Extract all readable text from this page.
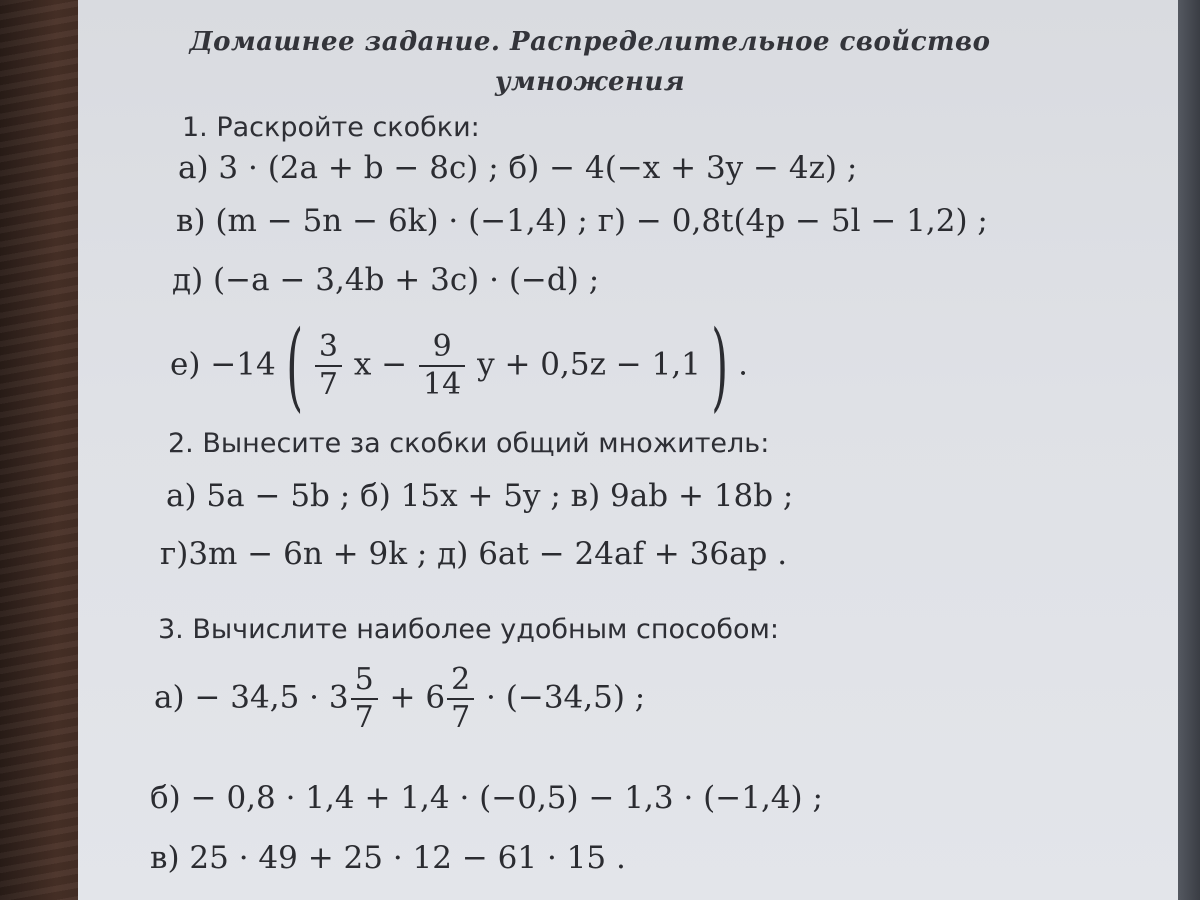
Домашнее задание. Распределительное свойство
умножения
1. Раскройте скобки:
а) 3 · (2a + b − 8c) ; б) − 4(−x + 3y − 4z) ;
в) (m − 5n − 6k) · (−1,4) ; г) − 0,8t(4p − 5l − 1,2) ;
д) (−a − 3,4b + 3c) · (−d) ;
е) −14 ( $\frac{3}{7}$ $x - \frac{9}{14}$ y + 0,5z − 1,1 ) .
2. Вынесите за скобки общий множитель:
а) 5a − 5b ; б) 15x + 5y ; в) 9ab + 18b ;
г)3m − 6n + 9k ; д) 6at − 24af + 36ap .
3. Вычислите наиболее удобным способом:
$а) - 34,5 \cdot 3 \frac{5}{7} + 6 \frac{2}{7} \cdot (-34,5)$ ;
б) − 0,8 · 1,4 + 1,4 · (−0,5) − 1,3 · (−1,4) ;
в) 25 · 49 + 25 · 12 − 61 · 15 .
